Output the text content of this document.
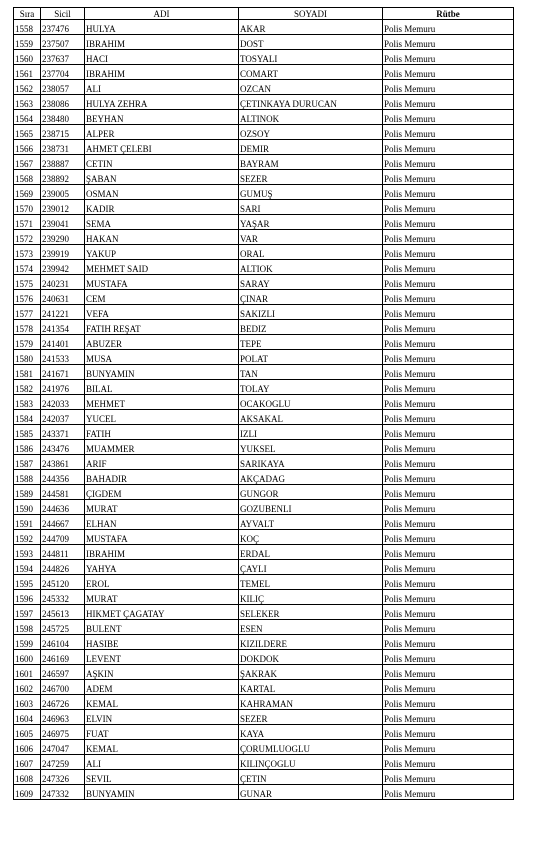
Sıra	Sicil	ADI	SOYADI	Rütbe
1558	237476	HULYA	AKAR	Polis Memuru
1559	237507	IBRAHIM	DOST	Polis Memuru
1560	237637	HACI	TOSYALI	Polis Memuru
1561	237704	IBRAHIM	COMART	Polis Memuru
1562	238057	ALI	OZCAN	Polis Memuru
1563	238086	HULYA ZEHRA	ÇETINKAYA DURUCAN	Polis Memuru
1564	238480	BEYHAN	ALTINOK	Polis Memuru
1565	238715	ALPER	OZSOY	Polis Memuru
1566	238731	AHMET ÇELEBI	DEMIR	Polis Memuru
1567	238887	CETIN	BAYRAM	Polis Memuru
1568	238892	ŞABAN	SEZER	Polis Memuru
1569	239005	OSMAN	GUMUŞ	Polis Memuru
1570	239012	KADIR	SARI	Polis Memuru
1571	239041	SEMA	YAŞAR	Polis Memuru
1572	239290	HAKAN	VAR	Polis Memuru
1573	239919	YAKUP	ORAL	Polis Memuru
1574	239942	MEHMET SAID	ALTIOK	Polis Memuru
1575	240231	MUSTAFA	SARAY	Polis Memuru
1576	240631	CEM	ÇINAR	Polis Memuru
1577	241221	VEFA	SAKIZLI	Polis Memuru
1578	241354	FATIH REŞAT	BEDIZ	Polis Memuru
1579	241401	ABUZER	TEPE	Polis Memuru
1580	241533	MUSA	POLAT	Polis Memuru
1581	241671	BUNYAMIN	TAN	Polis Memuru
1582	241976	BILAL	TOLAY	Polis Memuru
1583	242033	MEHMET	OCAKOGLU	Polis Memuru
1584	242037	YUCEL	AKSAKAL	Polis Memuru
1585	243371	FATIH	IZLI	Polis Memuru
1586	243476	MUAMMER	YUKSEL	Polis Memuru
1587	243861	ARIF	SARIKAYA	Polis Memuru
1588	244356	BAHADIR	AKÇADAG	Polis Memuru
1589	244581	ÇIGDEM	GUNGOR	Polis Memuru
1590	244636	MURAT	GOZUBENLI	Polis Memuru
1591	244667	ELHAN	AYVALT	Polis Memuru
1592	244709	MUSTAFA	KOÇ	Polis Memuru
1593	244811	IBRAHIM	ERDAL	Polis Memuru
1594	244826	YAHYA	ÇAYLI	Polis Memuru
1595	245120	EROL	TEMEL	Polis Memuru
1596	245332	MURAT	KILIÇ	Polis Memuru
1597	245613	HIKMET ÇAGATAY	SELEKER	Polis Memuru
1598	245725	BULENT	ESEN	Polis Memuru
1599	246104	HASIBE	KIZILDERE	Polis Memuru
1600	246169	LEVENT	DOKDOK	Polis Memuru
1601	246597	AŞKIN	ŞAKRAK	Polis Memuru
1602	246700	ADEM	KARTAL	Polis Memuru
1603	246726	KEMAL	KAHRAMAN	Polis Memuru
1604	246963	ELVIN	SEZER	Polis Memuru
1605	246975	FUAT	KAYA	Polis Memuru
1606	247047	KEMAL	ÇORUMLUOGLU	Polis Memuru
1607	247259	ALI	KILINÇOGLU	Polis Memuru
1608	247326	SEVIL	ÇETIN	Polis Memuru
1609	247332	BUNYAMIN	GUNAR	Polis Memuru
